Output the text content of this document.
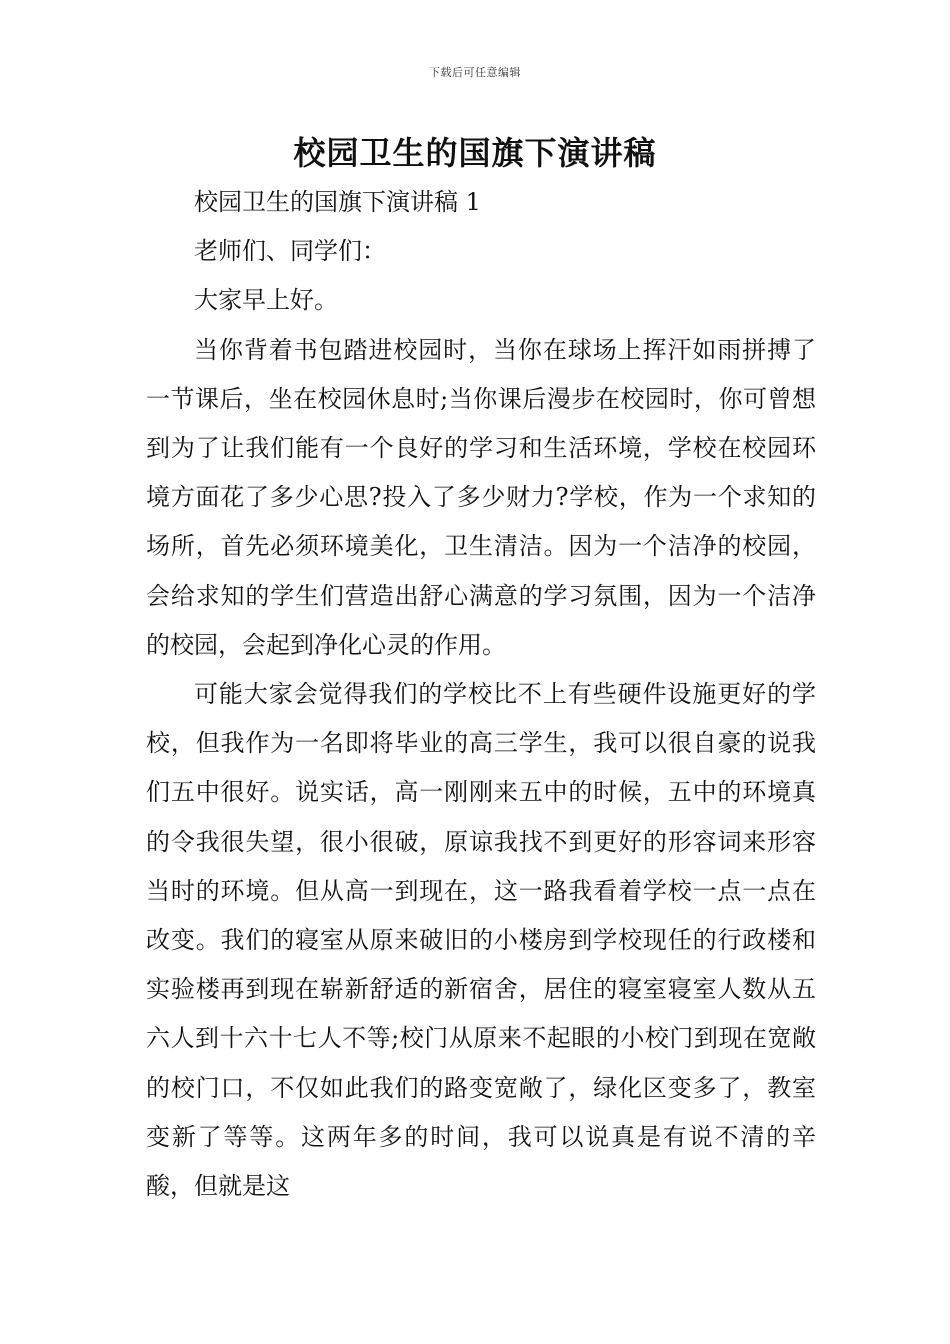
下载后可任意编辑
校园卫生的国旗下演讲稿

校园卫生的国旗下演讲稿 1

老师们、同学们：

大家早上好。

当你背着书包踏进校园时，当你在球场上挥汗如雨拼搏了一节课后，坐在校园休息时;当你课后漫步在校园时，你可曾想到为了让我们能有一个良好的学习和生活环境，学校在校园环境方面花了多少心思?投入了多少财力?学校，作为一个求知的场所，首先必须环境美化，卫生清洁。因为一个洁净的校园，会给求知的学生们营造出舒心满意的学习氛围，因为一个洁净的校园，会起到净化心灵的作用。

可能大家会觉得我们的学校比不上有些硬件设施更好的学校，但我作为一名即将毕业的高三学生，我可以很自豪的说我们五中很好。说实话，高一刚刚来五中的时候，五中的环境真的令我很失望，很小很破，原谅我找不到更好的形容词来形容当时的环境。但从高一到现在，这一路我看着学校一点一点在改变。我们的寝室从原来破旧的小楼房到学校现任的行政楼和实验楼再到现在崭新舒适的新宿舍，居住的寝室寝室人数从五六人到十六十七人不等;校门从原来不起眼的小校门到现在宽敞的校门口，不仅如此我们的路变宽敞了，绿化区变多了，教室变新了等等。这两年多的时间，我可以说真是有说不清的辛酸，但就是这
